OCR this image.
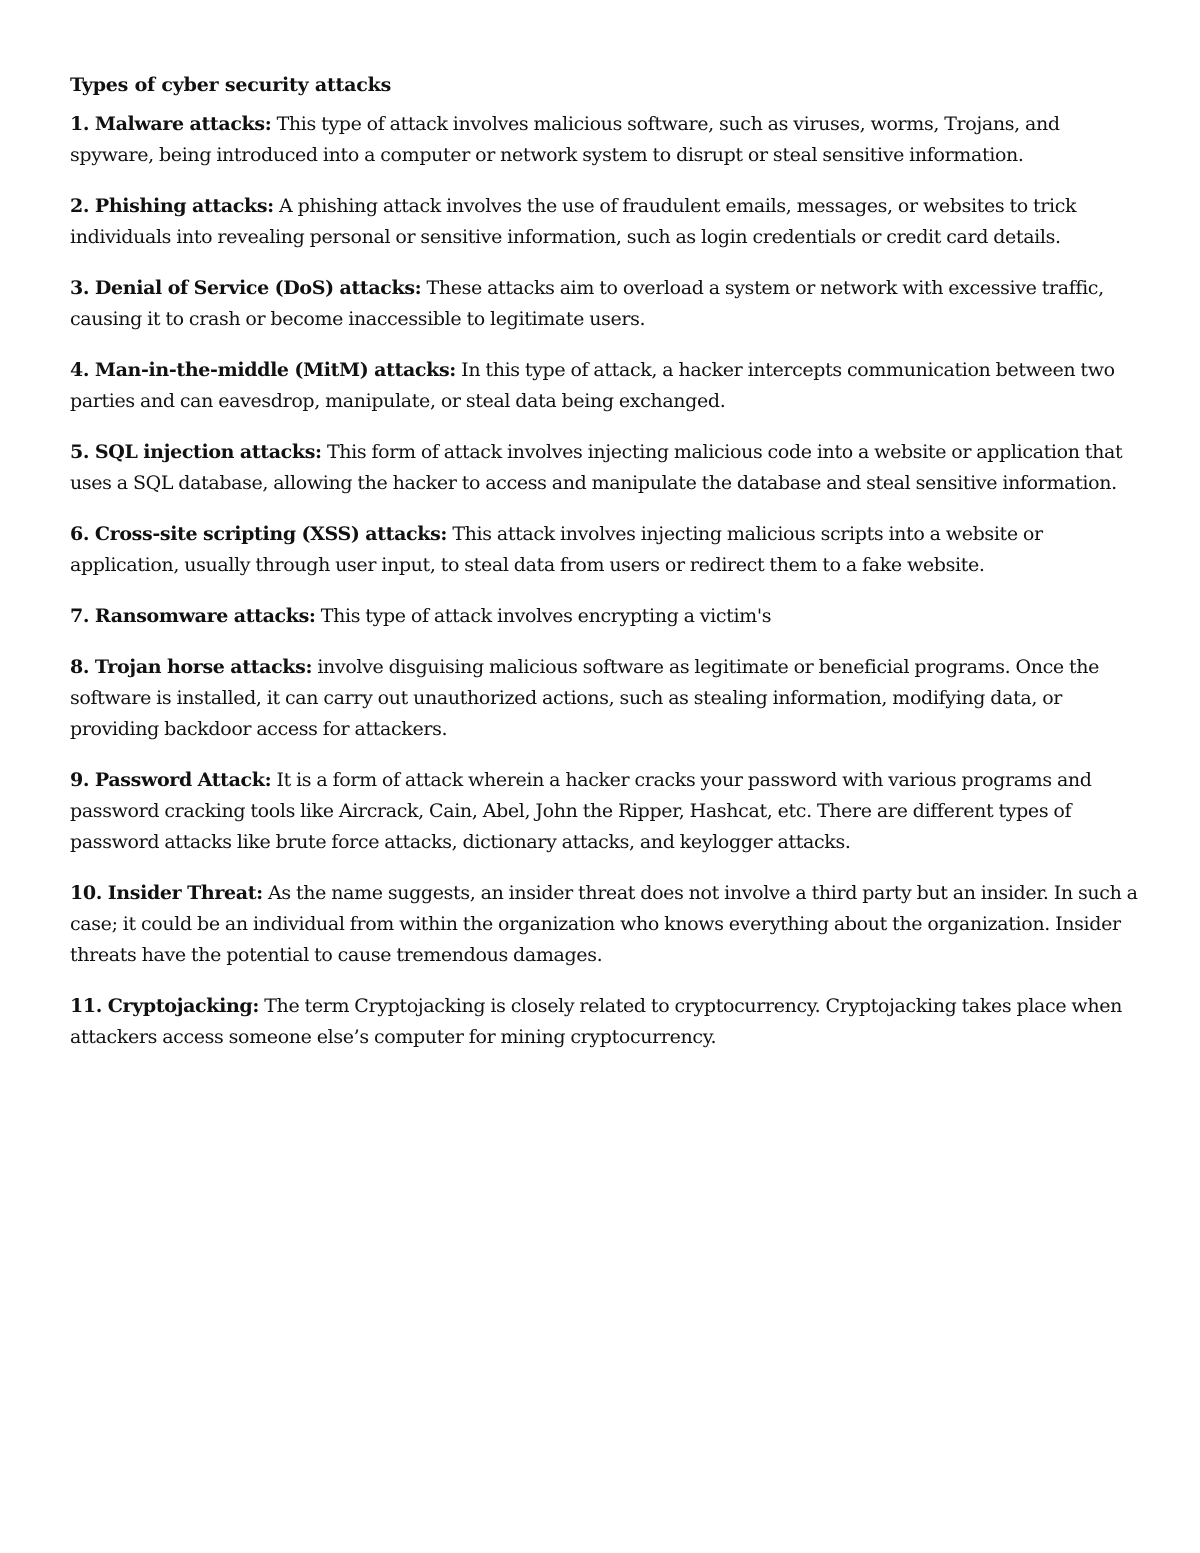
Types of cyber security attacks

1. Malware attacks: This type of attack involves malicious software, such as viruses, worms, Trojans, and spyware, being introduced into a computer or network system to disrupt or steal sensitive information.

2. Phishing attacks: A phishing attack involves the use of fraudulent emails, messages, or websites to trick individuals into revealing personal or sensitive information, such as login credentials or credit card details.

3. Denial of Service (DoS) attacks: These attacks aim to overload a system or network with excessive traffic, causing it to crash or become inaccessible to legitimate users.

4. Man-in-the-middle (MitM) attacks: In this type of attack, a hacker intercepts communication between two parties and can eavesdrop, manipulate, or steal data being exchanged.

5. SQL injection attacks: This form of attack involves injecting malicious code into a website or application that uses a SQL database, allowing the hacker to access and manipulate the database and steal sensitive information.

6. Cross-site scripting (XSS) attacks: This attack involves injecting malicious scripts into a website or application, usually through user input, to steal data from users or redirect them to a fake website.

7. Ransomware attacks: This type of attack involves encrypting a victim's

8. Trojan horse attacks: involve disguising malicious software as legitimate or beneficial programs. Once the software is installed, it can carry out unauthorized actions, such as stealing information, modifying data, or providing backdoor access for attackers.

9. Password Attack: It is a form of attack wherein a hacker cracks your password with various programs and password cracking tools like Aircrack, Cain, Abel, John the Ripper, Hashcat, etc. There are different types of password attacks like brute force attacks, dictionary attacks, and keylogger attacks.

10. Insider Threat: As the name suggests, an insider threat does not involve a third party but an insider. In such a case; it could be an individual from within the organization who knows everything about the organization. Insider threats have the potential to cause tremendous damages.

11. Cryptojacking: The term Cryptojacking is closely related to cryptocurrency. Cryptojacking takes place when attackers access someone else’s computer for mining cryptocurrency.
